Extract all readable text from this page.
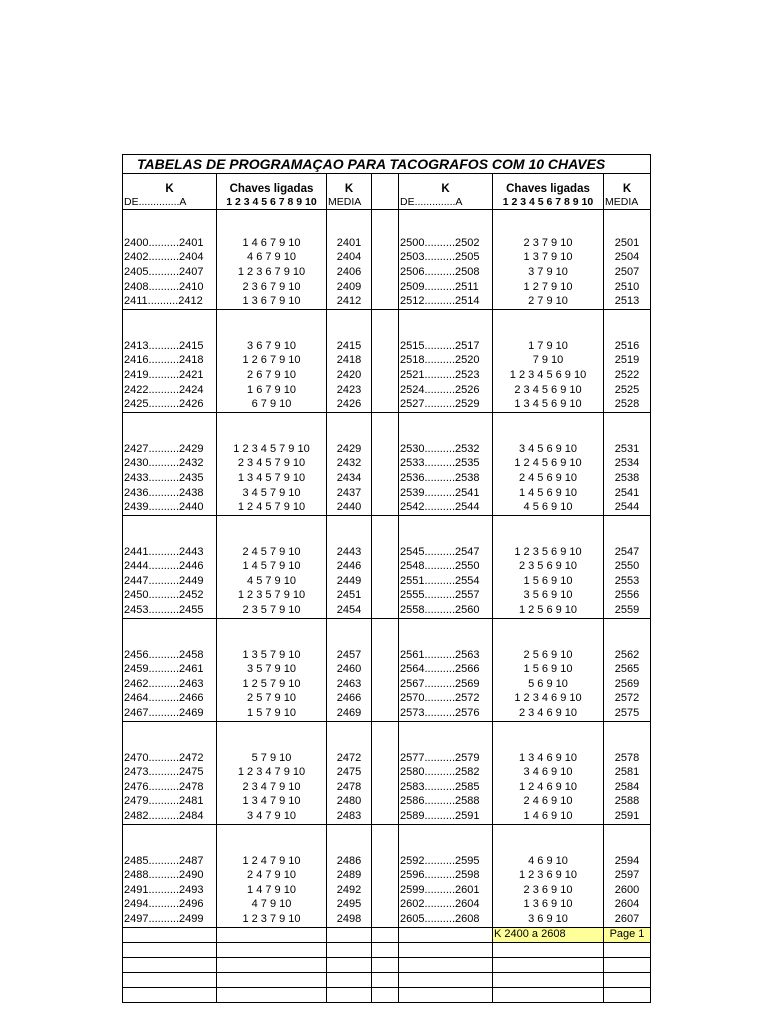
TABELAS DE PROGRAMAÇAO PARA TACOGRAFOS COM 10 CHAVES
K	Chaves ligadas	K		K	Chaves ligadas	K
DE..............A	1 2 3 4 5 6 7 8 9 10	MEDIA		DE..............A	1 2 3 4 5 6 7 8 9 10	MEDIA

2400..........2401	1 4 6 7 9 10	2401		2500..........2502	2 3 7 9 10	2501
2402..........2404	4 6 7 9 10	2404		2503..........2505	1 3 7 9 10	2504
2405..........2407	1 2 3 6 7 9 10	2406		2506..........2508	3 7 9 10	2507
2408..........2410	2 3 6 7 9 10	2409		2509..........2511	1 2 7 9 10	2510
2411..........2412	1 3 6 7 9 10	2412		2512..........2514	2 7 9 10	2513

2413..........2415	3 6 7 9 10	2415		2515..........2517	1 7 9 10	2516
2416..........2418	1 2 6 7 9 10	2418		2518..........2520	7 9 10	2519
2419..........2421	2 6 7 9 10	2420		2521..........2523	1 2 3 4 5 6 9 10	2522
2422..........2424	1 6 7 9 10	2423		2524..........2526	2 3 4 5 6 9 10	2525
2425..........2426	6 7 9 10	2426		2527..........2529	1 3 4 5 6 9 10	2528

2427..........2429	1 2 3 4 5 7 9 10	2429		2530..........2532	3 4 5 6 9 10	2531
2430..........2432	2 3 4 5 7 9 10	2432		2533..........2535	1 2 4 5 6 9 10	2534
2433..........2435	1 3 4 5 7 9 10	2434		2536..........2538	2 4 5 6 9 10	2538
2436..........2438	3 4 5 7 9 10	2437		2539..........2541	1 4 5 6 9 10	2541
2439..........2440	1 2 4 5 7 9 10	2440		2542..........2544	4 5 6 9 10	2544

2441..........2443	2 4 5 7 9 10	2443		2545..........2547	1 2 3 5 6 9 10	2547
2444..........2446	1 4 5 7 9 10	2446		2548..........2550	2 3 5 6 9 10	2550
2447..........2449	4 5 7 9 10	2449		2551..........2554	1 5 6 9 10	2553
2450..........2452	1 2 3 5 7 9 10	2451		2555..........2557	3 5 6 9 10	2556
2453..........2455	2 3 5 7 9 10	2454		2558..........2560	1 2 5 6 9 10	2559

2456..........2458	1 3 5 7 9 10	2457		2561..........2563	2 5 6 9 10	2562
2459..........2461	3 5 7 9 10	2460		2564..........2566	1 5 6 9 10	2565
2462..........2463	1 2 5 7 9 10	2463		2567..........2569	5 6 9 10	2569
2464..........2466	2 5 7 9 10	2466		2570..........2572	1 2 3 4 6 9 10	2572
2467..........2469	1 5 7 9 10	2469		2573..........2576	2 3 4 6 9 10	2575

2470..........2472	5 7 9 10	2472		2577..........2579	1 3 4 6 9 10	2578
2473..........2475	1 2 3 4 7 9 10	2475		2580..........2582	3 4 6 9 10	2581
2476..........2478	2 3 4 7 9 10	2478		2583..........2585	1 2 4 6 9 10	2584
2479..........2481	1 3 4 7 9 10	2480		2586..........2588	2 4 6 9 10	2588
2482..........2484	3 4 7 9 10	2483		2589..........2591	1 4 6 9 10	2591

2485..........2487	1 2 4 7 9 10	2486		2592..........2595	4 6 9 10	2594
2488..........2490	2 4 7 9 10	2489		2596..........2598	1 2 3 6 9 10	2597
2491..........2493	1 4 7 9 10	2492		2599..........2601	2 3 6 9 10	2600
2494..........2496	4 7 9 10	2495		2602..........2604	1 3 6 9 10	2604
2497..........2499	1 2 3 7 9 10	2498		2605..........2608	3 6 9 10	2607
					K 2400 a 2608	Page 1
